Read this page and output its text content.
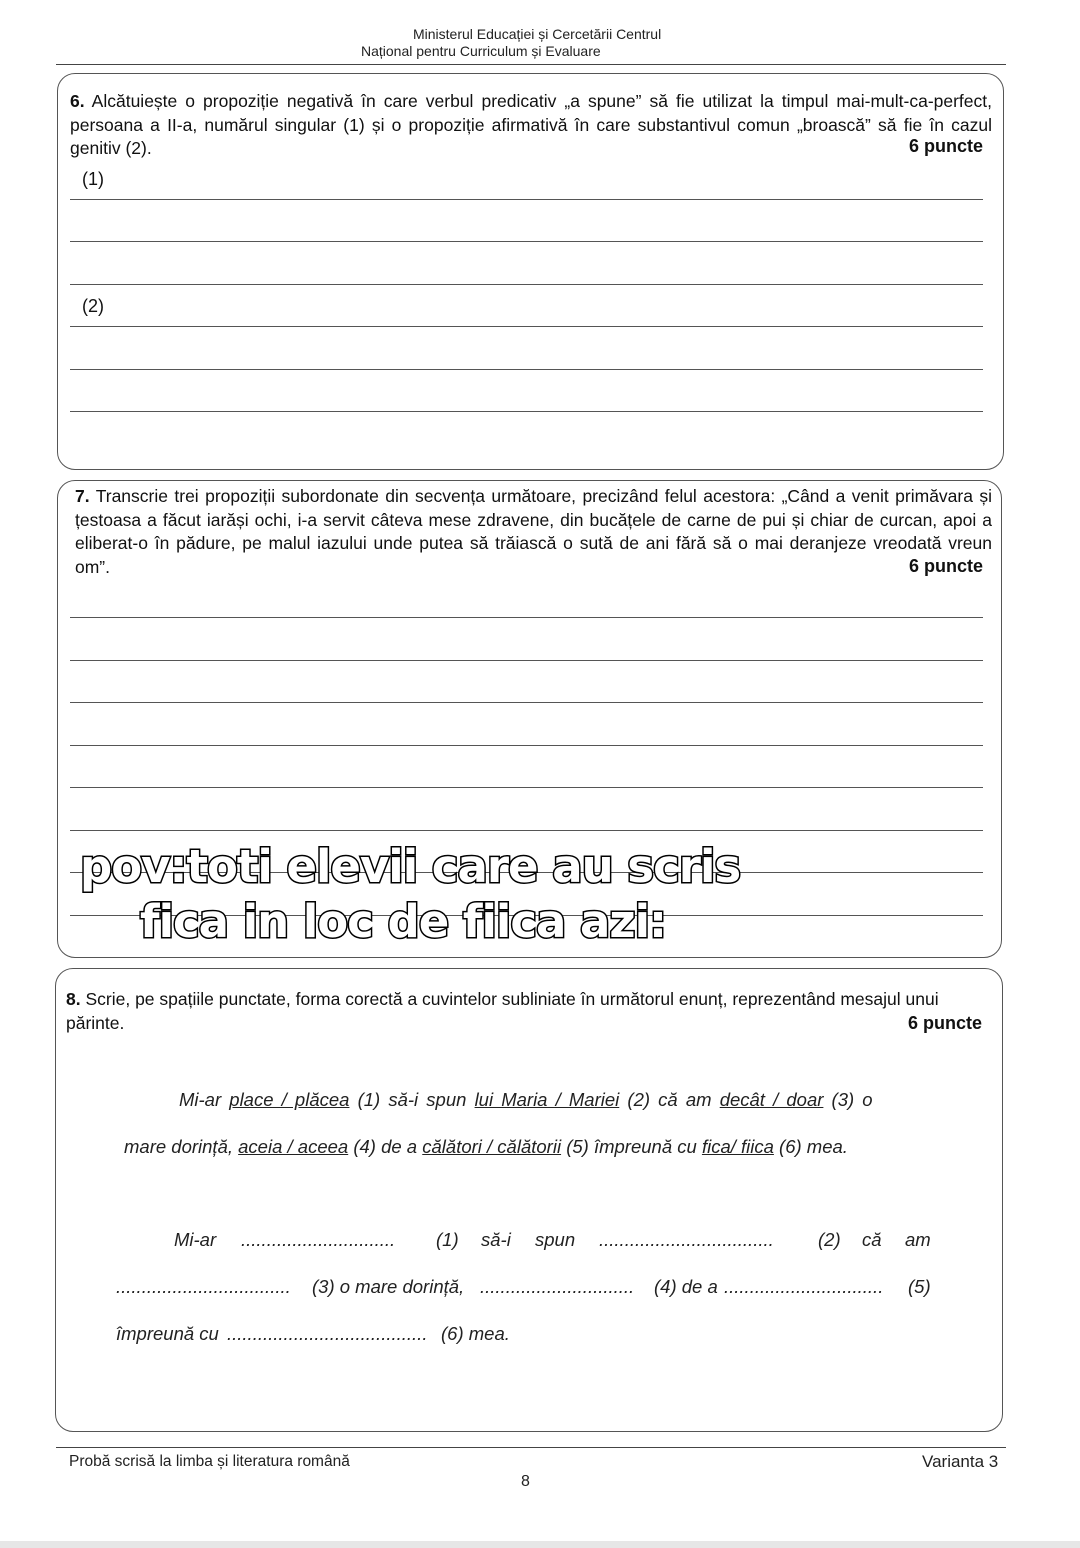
Ministerul Educației și Cercetării Centrul
Național pentru Curriculum și Evaluare
6. Alcătuiește o propoziție negativă în care verbul predicativ „a spune” să fie utilizat la timpul mai-mult-ca-perfect, persoana a II-a, numărul singular (1) și o propoziție afirmativă în care substantivul comun „broască” să fie în cazul genitiv (2).	6 puncte
(1)
(2)
7. Transcrie trei propoziții subordonate din secvența următoare, precizând felul acestora: „Când a venit primăvara și țestoasa a făcut iarăși ochi, i-a servit câteva mese zdravene, din bucățele de carne de pui și chiar de curcan, apoi a eliberat-o în pădure, pe malul iazului unde putea să trăiască o sută de ani fără să o mai deranjeze vreodată vreun om”.	6 puncte
8. Scrie, pe spațiile punctate, forma corectă a cuvintelor subliniate în următorul enunț, reprezentând mesajul unui părinte.	6 puncte
Mi-ar place / plăcea (1) să-i spun lui Maria / Mariei (2) că am decât / doar (3) o
mare dorință, aceia / aceea (4) de a călători / călătorii (5) împreună cu fica/ fiica (6) mea.
Mi-ar .............................. (1) să-i spun .................................. (2) că am
.................................. (3) o mare dorință, .............................. (4) de a ............................... (5)
împreună cu ....................................... (6) mea.
pov:toti elevii care au scris
fica in loc de fiica azi:
Probă scrisă la limba și literatura română	Varianta 3
8
